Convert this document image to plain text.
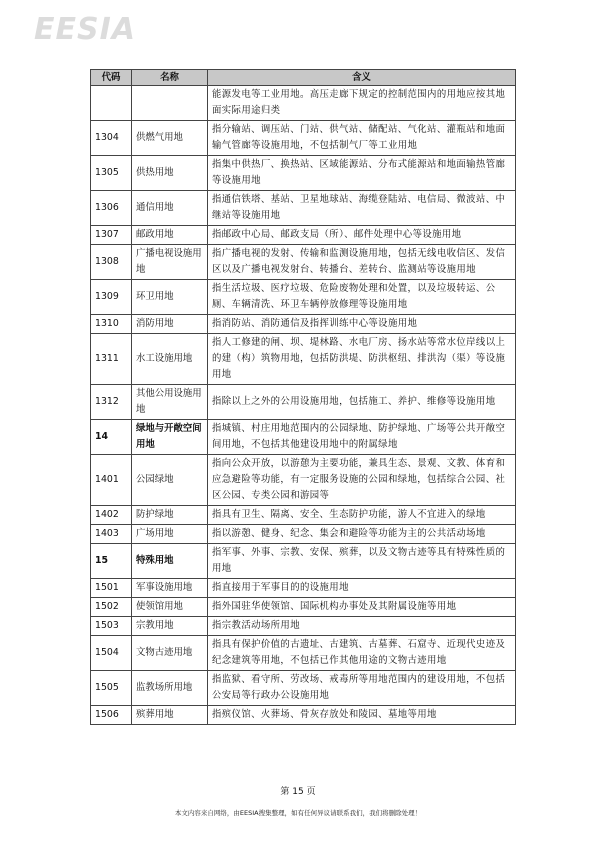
EESIA
代码	名称	含义
		能源发电等工业用地。高压走廊下规定的控制范围内的用地应按其地面实际用途归类
1304	供燃气用地	指分输站、调压站、门站、供气站、储配站、气化站、灌瓶站和地面输气管廊等设施用地，不包括制气厂等工业用地
1305	供热用地	指集中供热厂、换热站、区域能源站、分布式能源站和地面输热管廊等设施用地
1306	通信用地	指通信铁塔、基站、卫星地球站、海缆登陆站、电信局、微波站、中继站等设施用地
1307	邮政用地	指邮政中心局、邮政支局（所）、邮件处理中心等设施用地
1308	广播电视设施用地	指广播电视的发射、传输和监测设施用地，包括无线电收信区、发信区以及广播电视发射台、转播台、差转台、监测站等设施用地
1309	环卫用地	指生活垃圾、医疗垃圾、危险废物处理和处置，以及垃圾转运、公厕、车辆清洗、环卫车辆停放修理等设施用地
1310	消防用地	指消防站、消防通信及指挥训练中心等设施用地
1311	水工设施用地	指人工修建的闸、坝、堤林路、水电厂房、扬水站等常水位岸线以上的建（构）筑物用地，包括防洪堤、防洪枢纽、排洪沟（渠）等设施用地
1312	其他公用设施用地	指除以上之外的公用设施用地，包括施工、养护、维修等设施用地
14	绿地与开敞空间用地	指城镇、村庄用地范围内的公园绿地、防护绿地、广场等公共开敞空间用地，不包括其他建设用地中的附属绿地
1401	公园绿地	指向公众开放，以游憩为主要功能，兼具生态、景观、文教、体育和应急避险等功能，有一定服务设施的公园和绿地，包括综合公园、社区公园、专类公园和游园等
1402	防护绿地	指具有卫生、隔离、安全、生态防护功能，游人不宜进入的绿地
1403	广场用地	指以游憩、健身、纪念、集会和避险等功能为主的公共活动场地
15	特殊用地	指军事、外事、宗教、安保、殡葬，以及文物古迹等具有特殊性质的用地
1501	军事设施用地	指直接用于军事目的的设施用地
1502	使领馆用地	指外国驻华使领馆、国际机构办事处及其附属设施等用地
1503	宗教用地	指宗教活动场所用地
1504	文物古迹用地	指具有保护价值的古遗址、古建筑、古墓葬、石窟寺、近现代史迹及纪念建筑等用地，不包括已作其他用途的文物古迹用地
1505	监教场所用地	指监狱、看守所、劳改场、戒毒所等用地范围内的建设用地，不包括公安局等行政办公设施用地
1506	殡葬用地	指殡仪馆、火葬场、骨灰存放处和陵园、墓地等用地
第 15 页
本文内容来自网络，由EESIA搜集整理，如有任何异议请联系我们，我们将删除处理！
